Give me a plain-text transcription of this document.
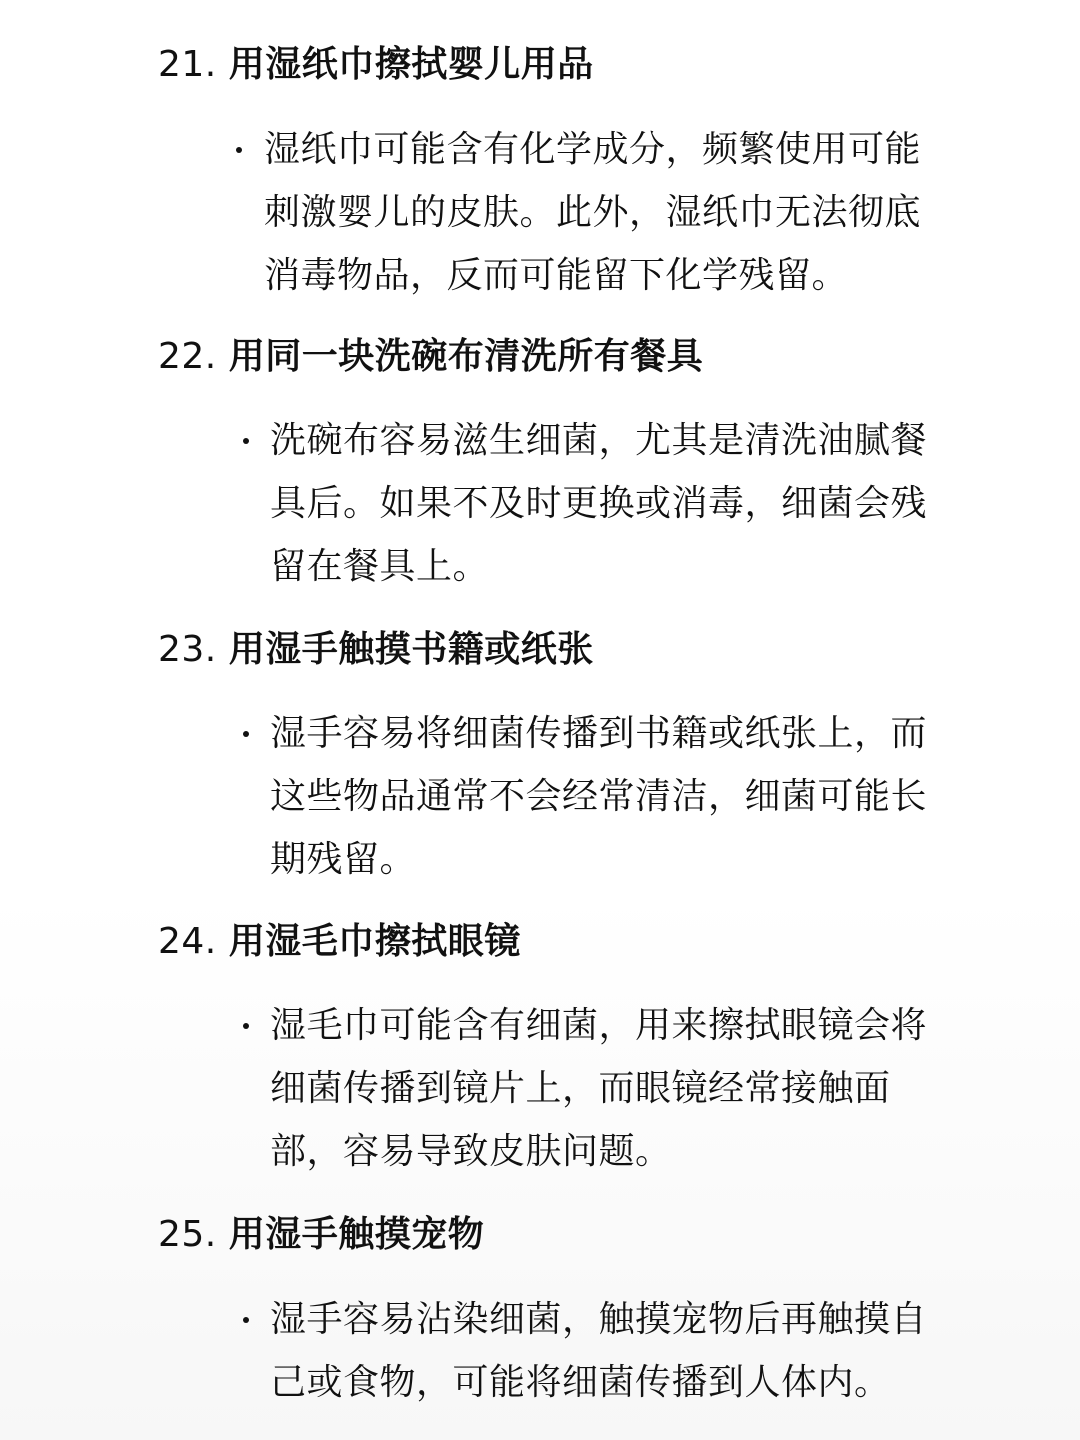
21. 用湿纸巾擦拭婴儿用品

湿纸巾可能含有化学成分，频繁使用可能
刺激婴儿的皮肤。此外，湿纸巾无法彻底
消毒物品，反而可能留下化学残留。

22. 用同一块洗碗布清洗所有餐具

洗碗布容易滋生细菌，尤其是清洗油腻餐
具后。如果不及时更换或消毒，细菌会残
留在餐具上。

23. 用湿手触摸书籍或纸张

湿手容易将细菌传播到书籍或纸张上，而
这些物品通常不会经常清洁，细菌可能长
期残留。

24. 用湿毛巾擦拭眼镜

湿毛巾可能含有细菌，用来擦拭眼镜会将
细菌传播到镜片上，而眼镜经常接触面
部，容易导致皮肤问题。

25. 用湿手触摸宠物

湿手容易沾染细菌，触摸宠物后再触摸自
己或食物，可能将细菌传播到人体内。
